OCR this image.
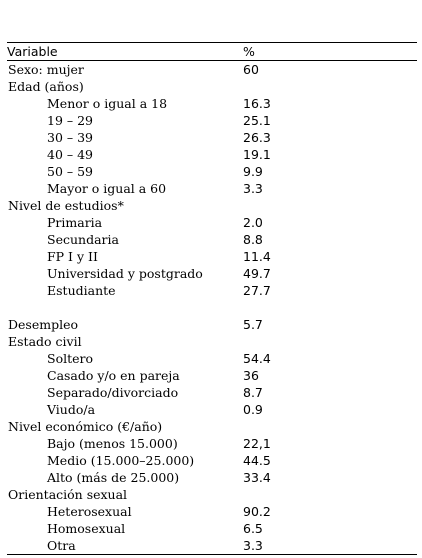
Variable	%
Sexo: mujer	60
Edad (años)	
Menor o igual a 18	16.3
19 – 29	25.1
30 – 39	26.3
40 – 49	19.1
50 – 59	9.9
Mayor o igual a 60	3.3
Nivel de estudios*	
Primaria	2.0
Secundaria	8.8
FP I y II	11.4
Universidad y postgrado	49.7
Estudiante	27.7

Desempleo	5.7
Estado civil	
Soltero	54.4
Casado y/o en pareja	36
Separado/divorciado	8.7
Viudo/a	0.9
Nivel económico (€/año)	
Bajo (menos 15.000)	22,1
Medio (15.000–25.000)	44.5
Alto (más de 25.000)	33.4
Orientación sexual	
Heterosexual	90.2
Homosexual	6.5
Otra	3.3
